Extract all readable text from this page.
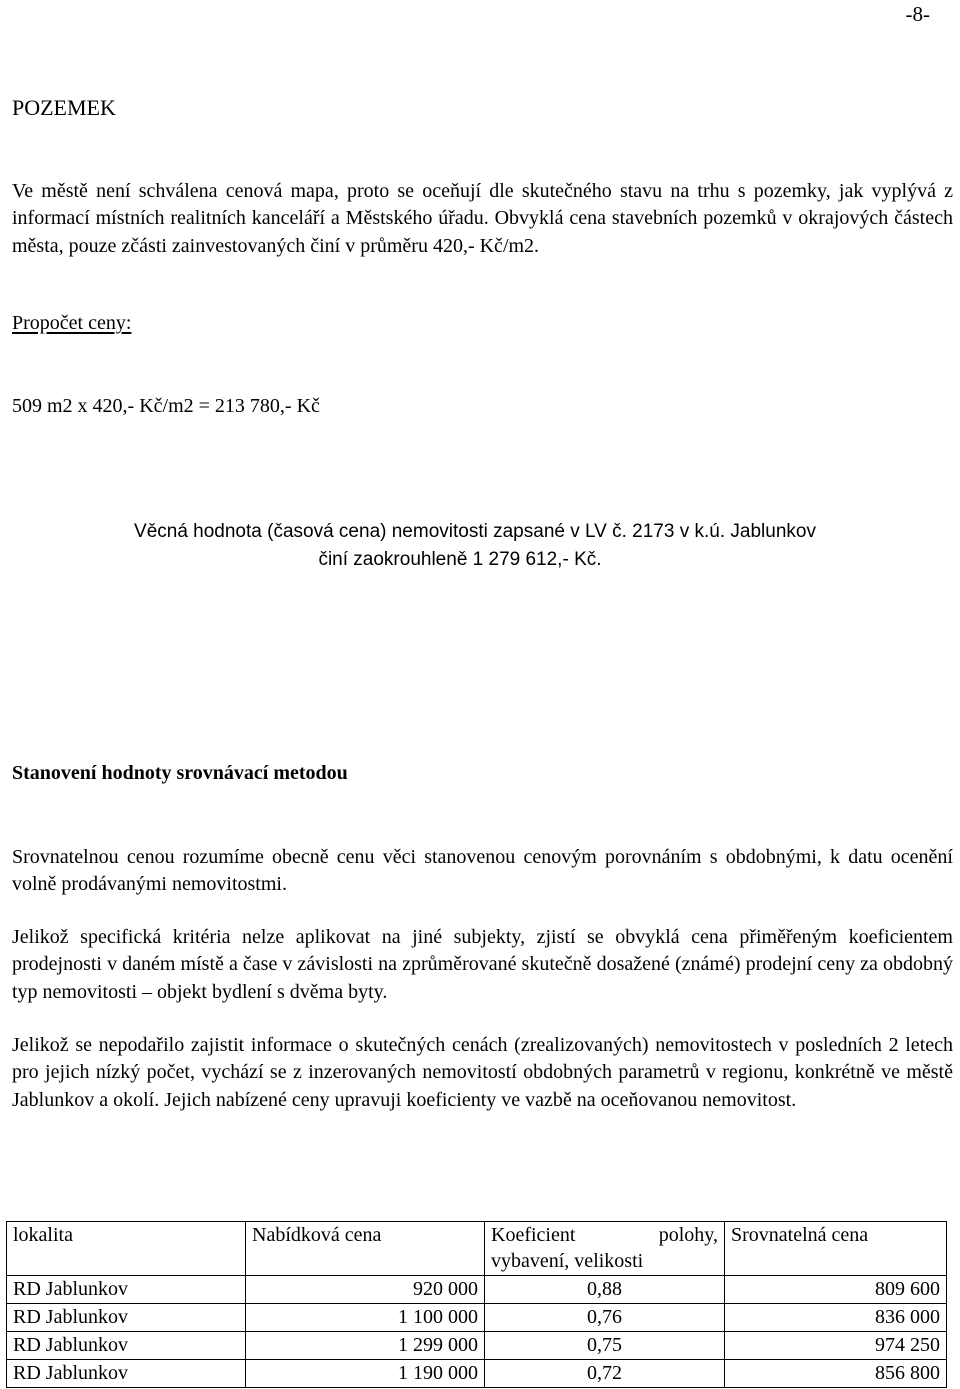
-8-
POZEMEK
Ve městě není schválena cenová mapa, proto se oceňují dle skutečného stavu na trhu s pozemky, jak vyplývá z informací místních realitních kanceláří a Městského úřadu. Obvyklá cena stavebních pozemků v okrajových částech města, pouze zčásti zainvestovaných činí v průměru 420,- Kč/m2.
Propočet ceny:
509 m2 x 420,- Kč/m2 = 213 780,- Kč
Věcná hodnota (časová cena) nemovitosti zapsané v LV č. 2173 v k.ú. Jablunkov
činí zaokrouhleně 1 279 612,- Kč.
Stanovení hodnoty srovnávací metodou
Srovnatelnou cenou rozumíme obecně cenu věci stanovenou cenovým porovnáním s obdobnými, k datu ocenění volně prodávanými nemovitostmi.
Jelikož specifická kritéria nelze aplikovat na jiné subjekty, zjistí se obvyklá cena přiměřeným koeficientem prodejnosti v daném místě a čase v závislosti na zprůměrované skutečně dosažené (známé) prodejní ceny za obdobný typ nemovitosti – objekt bydlení s dvěma byty.
Jelikož se nepodařilo zajistit informace o skutečných cenách (zrealizovaných) nemovitostech v posledních 2 letech pro jejich nízký počet, vychází se z inzerovaných nemovitostí obdobných parametrů v regionu, konkrétně ve městě Jablunkov a okolí. Jejich nabízené ceny upravuji koeficienty ve vazbě na oceňovanou nemovitost.
lokalita	Nabídková cena	Koeficient polohy, vybavení, velikosti	Srovnatelná cena
RD Jablunkov	920 000	0,88	809 600
RD Jablunkov	1 100 000	0,76	836 000
RD Jablunkov	1 299 000	0,75	974 250
RD Jablunkov	1 190 000	0,72	856 800
